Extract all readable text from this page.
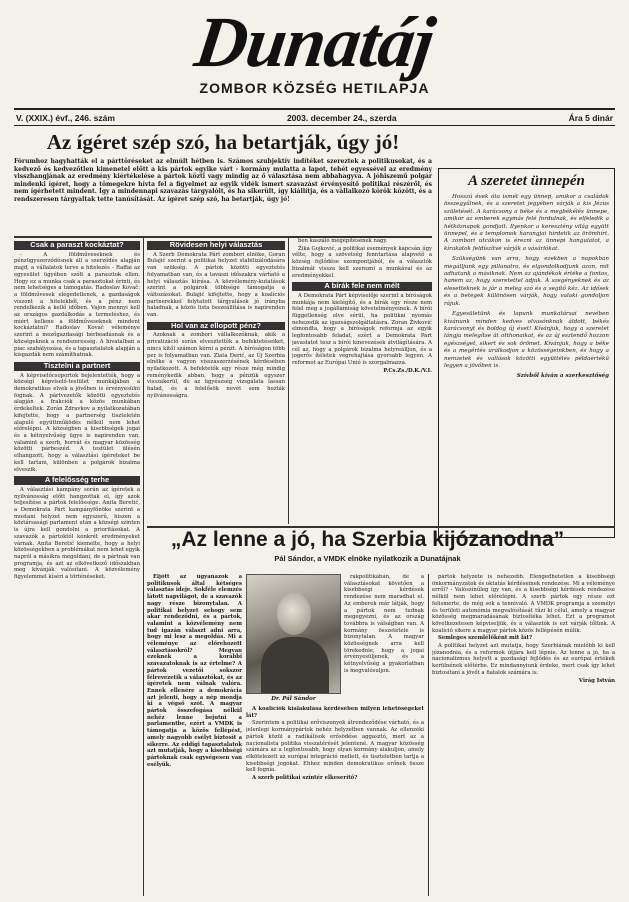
Dunatáj
ZOMBOR KÖZSÉG HETILAPJA
V. (XXIX.) évf., 246. szám	2003. december 24., szerda	Ára 5 dinár
Az ígéret szép szó, ha betartják, úgy jó!

Fórumhoz hagyhatták el a párttöréseket az elmúlt hétben is. Számos szubjektív indítéket szereztek a politikusokat, és a kedvező és kedvezőtlen kimenetel előtt a kis pártok egyike várt - kormány mulatta a lapot, tehét egyessével az eredmény visszhangjának az eredmény kiértékelése a pártok közti vagy mindig az ő választása nem abbahagyva. A jóhiszemű polgár mindenki ígéret, hogy a tömegekre hívta fel a figyelmet az egyik vidék ismert szavazást érvényesítő politikai részéről, és nem ígérhetett mindent. Így a mindennapi szavazás tárgyalóit, és ha sikerült, így kiállítja, és a vállalkozó körök között, és a rendszeresen tárgyaltak tette tanúsítását. Az ígéret szép szó, ha betartják, úgy jó!

Csak a paraszt kockáztat?

- A földműveseknek és pénzügyszerződésnek áll a szerződés alapján majd, a vállalatok terve a hitelezés - Raffai az egyesület ügyében szólt a parasztok ellen. Hogy ez a munka csak a parasztokat érinti, és nem lehetséges a támogatás. Radoslav Kovač: a földművesek elégedetlenek, a gazdaságok viszont a hitelekből, és a pénz nem rendelkezik a kellő időben. Vajon mennyi kell az országos gazdálkodás a termeléshez, és miért kellene a földműveseknek mindent kockáztatni? Radoslav Kovač véleménye szerint a mezőgazdasági bérbeadásnak és a községeknek a rendszeresség. A hivatalban a piac szabályozása, és a tapasztalatok alapján a kisgazdák nem számíthatnak.

Tisztelni a partnert

A képviselőcsoportok bejelentették, hogy a községi képviselő-testület munkájában a demokratikus elvek a jövőben is érvényesülni fognak. A pártvezetők közötti egyeztetés alapján a frakciók a közös munkában érdekeltek. Zorán Zdravkov a nyilatkozatában kifejtette, hogy a partnerség tiszteletén alapuló együttműködés nélkül nem lehet előrelépni. A községben a kisebbségek jogai és a kétnyelvűség ügye is napirenden van, valamint a szerb, horvát és magyar közösség közötti párbeszéd. A testület ülésén elhangzott, hogy a választási ígéreteket be kell tartani, különben a polgárok bizalma elveszik.

A felelősség terhe

A választási kampány során az ígéretek a nyilvánosság előtt hangzottak el, így azok teljesítése a pártok felelőssége. Anita Beretić, a Demokrata Párt kampányfőnöke szerint a mostani helyzet nem egyszerű, hiszen a köztársasági parlament után a községi szinten is újra kell gondolni a prioritásokat. A szavazók a pártoktól konkrét eredményeket várnak. Anita Beretić kiemelte, hogy a helyi közösségekben a problémákat nem lehet egyik napról a másikra megoldani, de a pártnak van programja, és azt az elkövetkező időszakban meg kívánják valósítani. A közvélemény figyelemmel kíséri a történéseket.

Rövidesen helyi választás

A Szerb Demokrata Párt zombori elnöke, Goran Bulajić szerint a politikai helyzet stabilizálódására van szükség. A pártok közötti egyeztetés folyamatban van, és a tavaszi időszakra várható a helyi választás kiírása. A közvélemény-kutatások szerint a polgárok többsége támogatja a változásokat. Bulajić kifejtette, hogy a koalíciós partnerekkel folytatott tárgyalások jó irányba haladnak, a közös lista összeállítása is napirenden van.

Hol van az ellopott pénz?

Azoknak a zombori vállalkozóknak, akik a privatizáció során elvesztették a befektetéseiket, nincs kitől számon kérni a pénzt. A bíróságon több per is folyamatban van. Zlata Đerić, az Új Szerbia elnöke a vagyon visszaszerzésének kérdésében nyilatkozott. A befektetők egy része még mindig reménykedik abban, hogy a pénzük egyszer visszakerül, de az ügyészség vizsgálata lassan halad, és a felelősök nevét sem hozták nyilvánosságra.

ben kaszáló megépítésének nagy.

Žika Gojković, a politikai események kapcsán úgy vélte, hogy a szövetség fenntartása alapvető a község fejlődése szempontjából, és a választók bizalmát vissza kell szerezni a munkával és az eredményekkel.

A bírák fele nem mélt

A Demokrata Párt képviselője szerint a bíróságok munkája nem kielégítő, és a bírák egy része nem felel meg a jogállamiság követelményeinek. A bírói függetlenség elve sérül, ha politikai nyomás nehezedik az igazságszolgáltatásra. Zoran Živković elmondta, hogy a bíróságok reformja az egyik legfontosabb feladat, ezért a Demokrata Párt javaslatot tesz a bírói kinevezések átvilágítására. A cél az, hogy a polgárok bizalma helyreálljon, és a jogerős ítéletek végrehajtása gyorsabb legyen. A reformot az Európai Unió is szorgalmazza.

P.Cs.Zs./D.K./V.I.

A szeretet ünnepén

Hosszú évek óta ismét egy ünnep, amikor a családok összegyűlnek, és a szeretet jegyében várják a kis Jézus születését. A karácsony a béke és a megbékélés ünnepe, amikor az emberek egymás felé fordulnak, és elfeledik a hétköznapok gondjait. Ilyenkor a keresztény világ együtt ünnepel, és a templomok harangjai hirdetik az örömhírt. A zombori utcákon is érezni az ünnepi hangulatot, a kirakatok feldíszítve várják a vásárlókat.

Szükségünk van arra, hogy ezekben a napokban megálljunk egy pillanatra, és elgondolkodjunk azon, mit adhatunk a másiknak. Nem az ajándékok értéke a fontos, hanem az, hogy szeretettel adjuk. A szegényeknek és az elesetteknek is jár a meleg szó és a segítő kéz. Az idősek és a betegek különösen várják, hogy valaki gondoljon rájuk.

Egyesületünk és lapunk munkatársai nevében kívánunk minden kedves olvasónknak áldott, békés karácsonyt és boldog új évet! Kívánjuk, hogy a szeretet lángja melegítse át otthonaikat, és az új esztendő hozzon egészséget, sikert és sok örömet. Kívánjuk, hogy a béke és a megértés uralkodjon a közösségeinkben, és hogy a nemzetek és vallások közötti együttélés példaértékű legyen a jövőben is.

Szívből kíván a szerkesztőség

„Az lenne a jó, ha Szerbia kijózanodna”
Pál Sándor, a VMDK elnöke nyilatkozik a Dunatájnak

Eljött az ugyanazok a politikusok által kétséges választás ideje. Sokféle elemzés látott napvilágot, de a szavazók nagy része bizonytalan. A politikai helyzet sehogy sem akar rendeződni, és a pártok, valamint a közvélemény nem tud igazán választ adni arra, hogy mi lesz a megoldás. Mi a véleménye az előrehozott választásokról? Megvan ezeknek a korábbi szavazatoknak is az értelme? A pártok vezetői sokszor félrevezetik a választókat, és az ígéretek nem válnak valóra. Ennek ellenére a demokrácia azt jelenti, hogy a nép mondja ki a végső szót. A magyar pártok összefogása nélkül nehéz lenne bejutni a parlamentbe, ezért a VMDK is támogatja a közös fellépést, amely nagyobb esélyt biztosít a sikerre. Az eddigi tapasztalatok azt mutatják, hogy a kisebbségi pártoknak csak egységesen van esélyük.

Dr. Pál Sándor

rakpolitikában, de a választásokat követően a kisebbségi kérdések rendezése nem maradhat el. Az emberek már látják, hogy a pártok nem tudnak megegyezni, és az ország továbbra is válságban van. A kormány összetétele is bizonytalan. A magyar közösségnek arra kell törekednie, hogy a jogai érvényesüljenek, és a kétnyelvűség a gyakorlatban is megvalósuljon.

A koalíciók kialakulása kérdésében milyen lehetőségeket lát?

Szerintem a politikai erőviszonyok átrendeződése várható, és a jelenlegi kormánypártok nehéz helyzetben vannak. Az ellenzéki pártok közül a radikálisok erősödése aggasztó, mert az a nacionalista politika visszatérését jelentené. A magyar közösség számára az a legfontosabb, hogy olyan kormány alakuljon, amely elkötelezett az európai integráció mellett, és tiszteletben tartja a kisebbségi jogokat. Ehhez minden demokratikus erőnek össze kell fognia.

A szerb politikai színtér elkeserítő?

pártok helyzete is nehezebb. Elengedhetetlen a kisebbségi önkormányzatok és oktatás kérdéseinek rendezése. Mi a véleménye erről? - Valószínűleg így van, és a kisebbségi kérdések rendezése nélkül nem lehet előrelépni. A szerb pártok egy része ezt felismerte, de még sok a tennivaló. A VMDK programja a személyi és területi autonómia megvalósítását tűzi ki célul, amely a magyar közösség megmaradásának biztosítéka lehet. Ezt a programot következetesen képviseljük, és a választók is ezt várják tőlünk. A koalíció sikere a magyar pártok közös fellépésén múlik.

Semleges szemlélőként mit lát?

A politikai helyzet azt mutatja, hogy Szerbiának mielőbb ki kell józanodnia, és a reformok útjára kell lépnie. Az lenne a jó, ha a nacionalizmus helyett a gazdasági fejlődés és az európai értékek kerülnének előtérbe. Ez mindannyiunk érdeke, mert csak így lehet biztosítani a jövőt a fiatalok számára is.

Virág István
